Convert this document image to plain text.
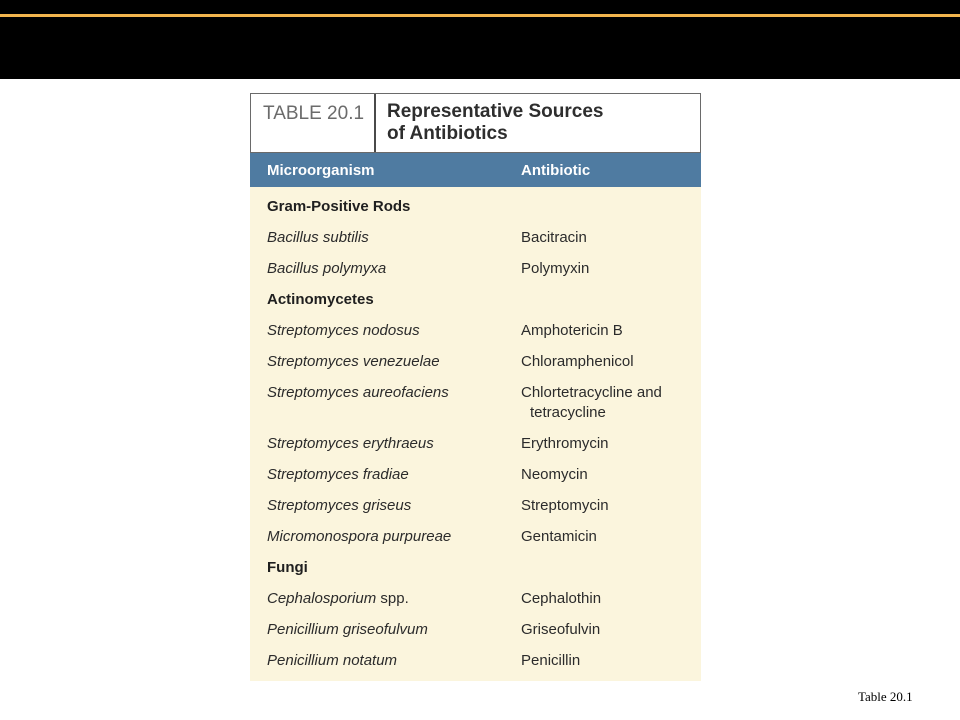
TABLE 20.1	Representative Sources
of Antibiotics
Microorganism	Antibiotic
Gram-Positive Rods
Bacillus subtilis	Bacitracin
Bacillus polymyxa	Polymyxin
Actinomycetes
Streptomyces nodosus	Amphotericin B
Streptomyces venezuelae	Chloramphenicol
Streptomyces aureofaciens	Chlortetracycline and
tetracycline
Streptomyces erythraeus	Erythromycin
Streptomyces fradiae	Neomycin
Streptomyces griseus	Streptomycin
Micromonospora purpureae	Gentamicin
Fungi
Cephalosporium spp.	Cephalothin
Penicillium griseofulvum	Griseofulvin
Penicillium notatum	Penicillin
Table 20.1
